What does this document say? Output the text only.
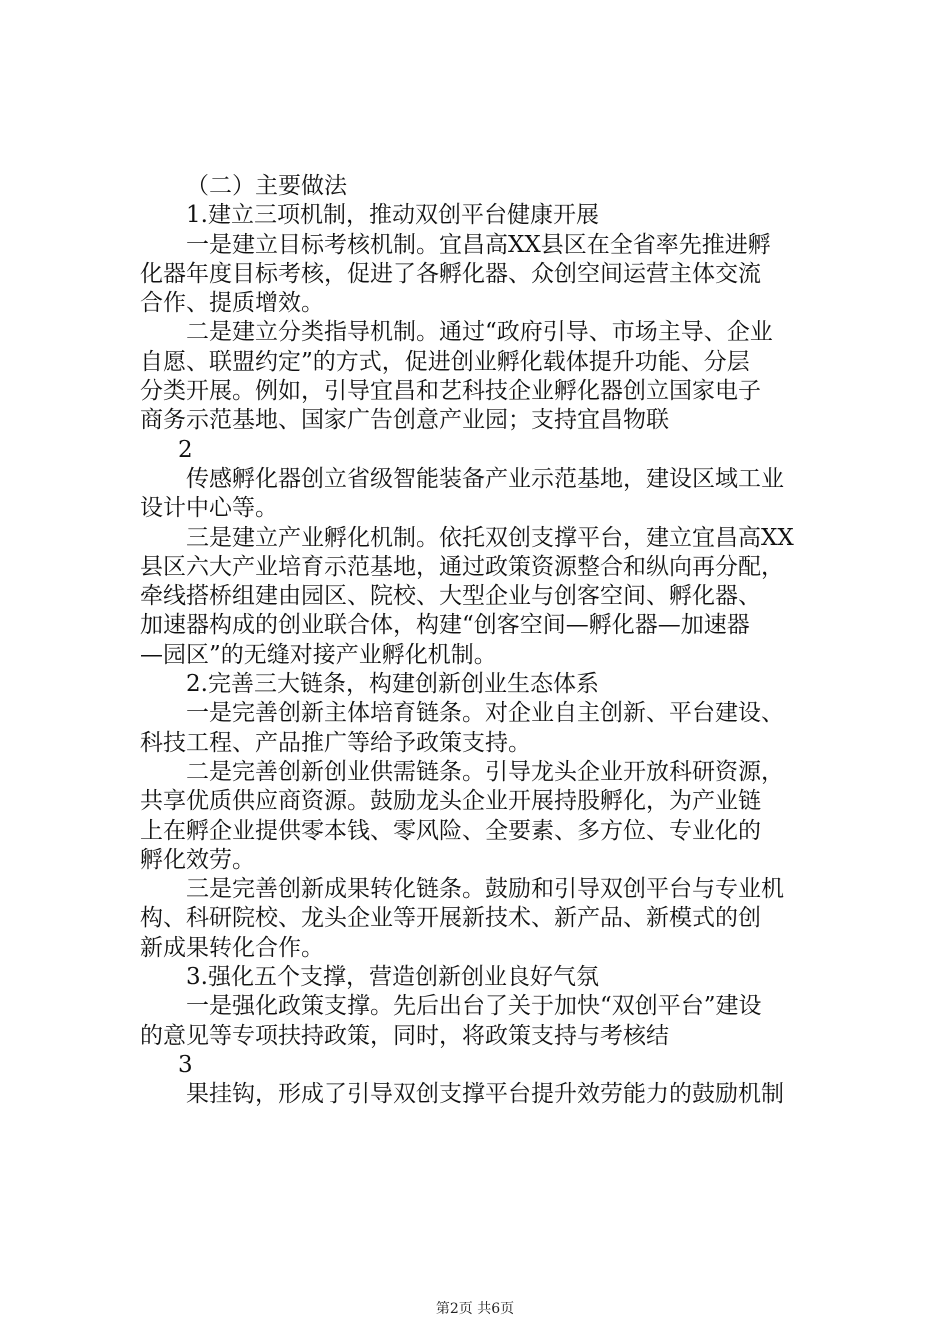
（二）主要做法
1.建立三项机制，推动双创平台健康开展
一是建立目标考核机制。宜昌高XX县区在全省率先推进孵
化器年度目标考核，促进了各孵化器、众创空间运营主体交流
合作、提质增效。
二是建立分类指导机制。通过“政府引导、市场主导、企业
自愿、联盟约定”的方式，促进创业孵化载体提升功能、分层
分类开展。例如，引导宜昌和艺科技企业孵化器创立国家电子
商务示范基地、国家广告创意产业园；支持宜昌物联
2
传感孵化器创立省级智能装备产业示范基地，建设区域工业
设计中心等。
三是建立产业孵化机制。依托双创支撑平台，建立宜昌高XX
县区六大产业培育示范基地，通过政策资源整合和纵向再分配，
牵线搭桥组建由园区、院校、大型企业与创客空间、孵化器、
加速器构成的创业联合体，构建“创客空间—孵化器—加速器
—园区”的无缝对接产业孵化机制。
2.完善三大链条，构建创新创业生态体系
一是完善创新主体培育链条。对企业自主创新、平台建设、
科技工程、产品推广等给予政策支持。
二是完善创新创业供需链条。引导龙头企业开放科研资源，
共享优质供应商资源。鼓励龙头企业开展持股孵化，为产业链
上在孵企业提供零本钱、零风险、全要素、多方位、专业化的
孵化效劳。
三是完善创新成果转化链条。鼓励和引导双创平台与专业机
构、科研院校、龙头企业等开展新技术、新产品、新模式的创
新成果转化合作。
3.强化五个支撑，营造创新创业良好气氛
一是强化政策支撑。先后出台了关于加快“双创平台”建设
的意见等专项扶持政策，同时，将政策支持与考核结
3
果挂钩，形成了引导双创支撑平台提升效劳能力的鼓励机制
第2页 共6页
